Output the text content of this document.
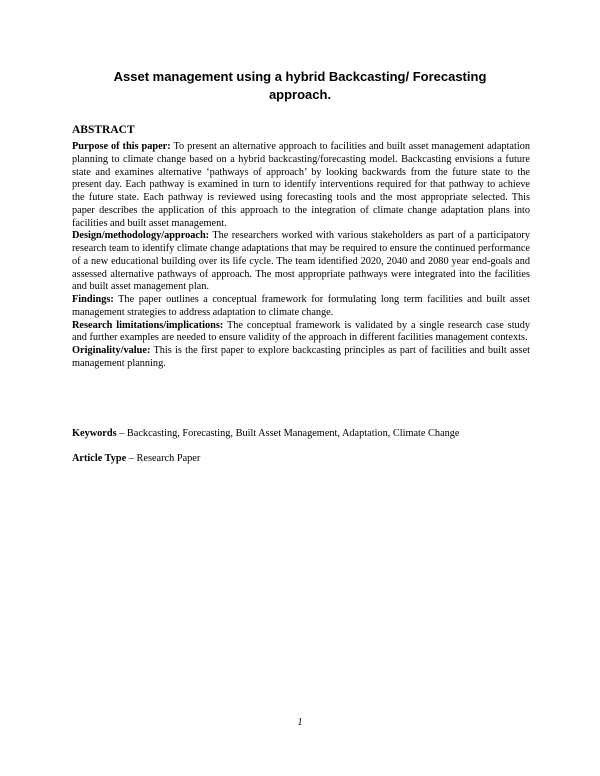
Asset management using a hybrid Backcasting/ Forecasting approach.
ABSTRACT

Purpose of this paper: To present an alternative approach to facilities and built asset management adaptation planning to climate change based on a hybrid backcasting/forecasting model. Backcasting envisions a future state and examines alternative ‘pathways of approach’ by looking backwards from the future state to the present day. Each pathway is examined in turn to identify interventions required for that pathway to achieve the future state. Each pathway is reviewed using forecasting tools and the most appropriate selected. This paper describes the application of this approach to the integration of climate change adaptation plans into facilities and built asset management.

Design/methodology/approach: The researchers worked with various stakeholders as part of a participatory research team to identify climate change adaptations that may be required to ensure the continued performance of a new educational building over its life cycle. The team identified 2020, 2040 and 2080 year end-goals and assessed alternative pathways of approach. The most appropriate pathways were integrated into the facilities and built asset management plan.

Findings: The paper outlines a conceptual framework for formulating long term facilities and built asset management strategies to address adaptation to climate change.

Research limitations/implications: The conceptual framework is validated by a single research case study and further examples are needed to ensure validity of the approach in different facilities management contexts.

Originality/value: This is the first paper to explore backcasting principles as part of facilities and built asset management planning.

Keywords – Backcasting, Forecasting, Built Asset Management, Adaptation, Climate Change
Article Type – Research Paper
1
